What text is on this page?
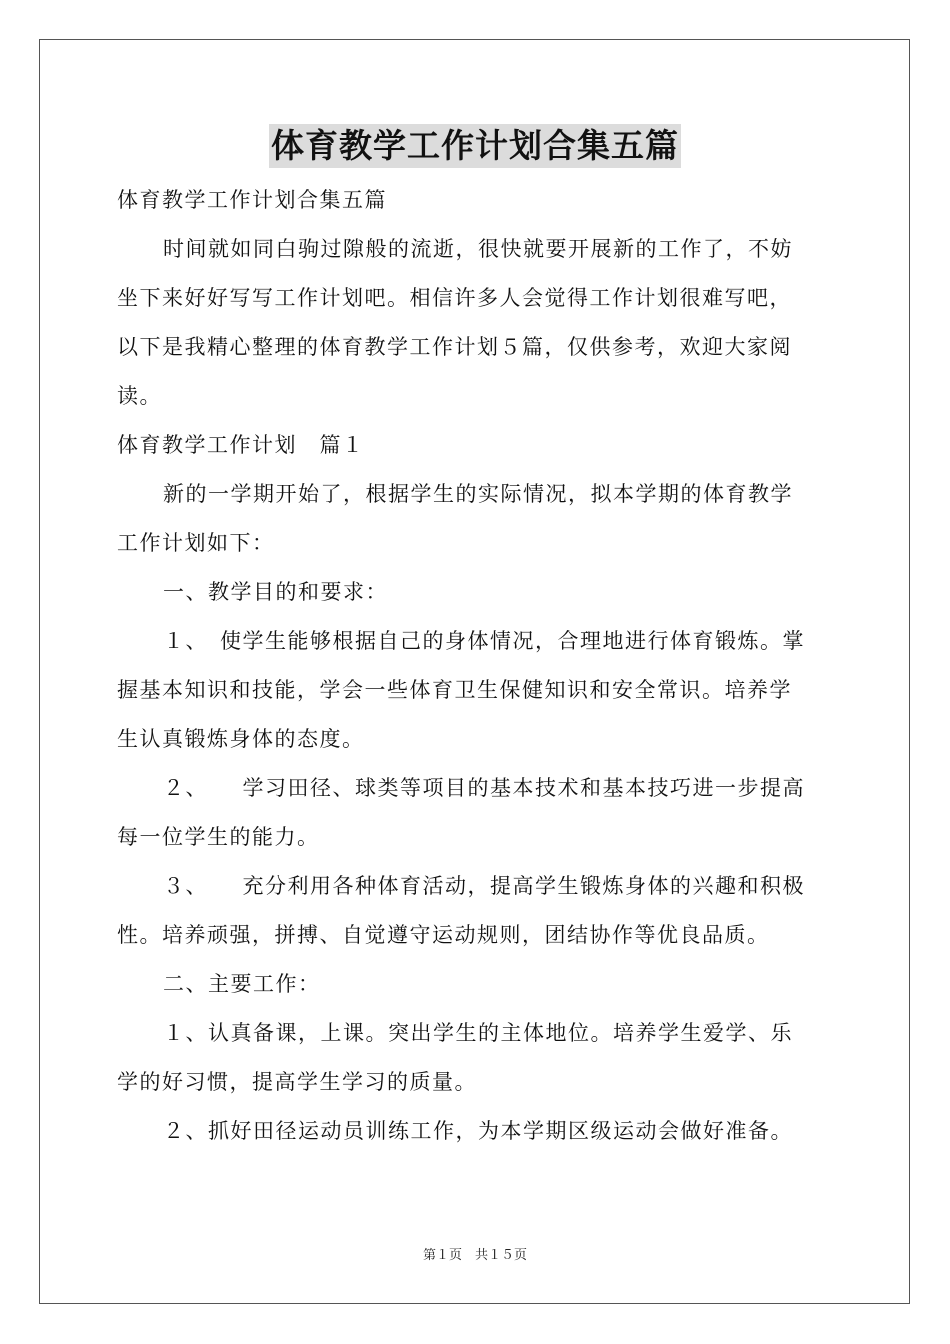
体育教学工作计划合集五篇
体育教学工作计划合集五篇
时间就如同白驹过隙般的流逝，很快就要开展新的工作了，不妨
坐下来好好写写工作计划吧。相信许多人会觉得工作计划很难写吧，
以下是我精心整理的体育教学工作计划５篇，仅供参考，欢迎大家阅
读。
体育教学工作计划　篇１
新的一学期开始了，根据学生的实际情况，拟本学期的体育教学
工作计划如下：
一、教学目的和要求：
１、　使学生能够根据自己的身体情况，合理地进行体育锻炼。掌
握基本知识和技能，学会一些体育卫生保健知识和安全常识。培养学
生认真锻炼身体的态度。
２、　　学习田径、球类等项目的基本技术和基本技巧进一步提高
每一位学生的能力。
３、　　充分利用各种体育活动，提高学生锻炼身体的兴趣和积极
性。培养顽强，拼搏、自觉遵守运动规则，团结协作等优良品质。
二、主要工作：
１、认真备课，上课。突出学生的主体地位。培养学生爱学、乐
学的好习惯，提高学生学习的质量。
２、抓好田径运动员训练工作，为本学期区级运动会做好准备。
第１页　共１５页
